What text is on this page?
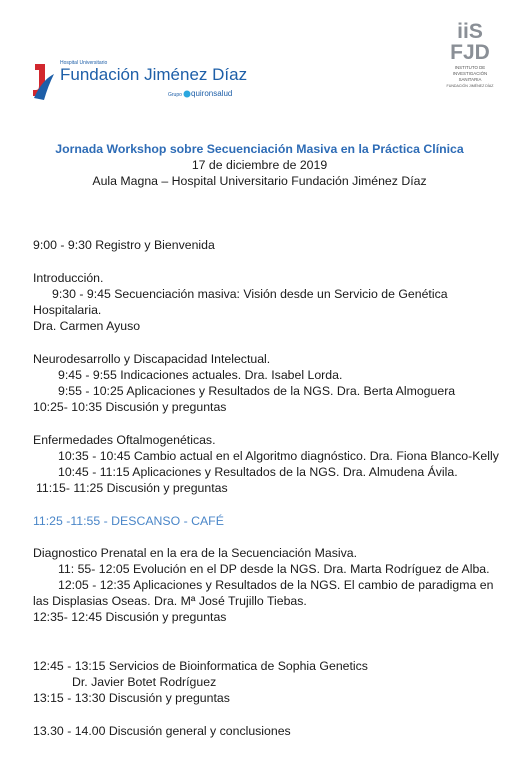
Hospital Universitario
Fundación Jiménez Díaz
Grupo quironsalud
iiS
FJD
INSTITUTO DE
INVESTIGACIÓN
SANITARIA
FUNDACIÓN JIMÉNEZ DÍAZ
Jornada Workshop sobre Secuenciación Masiva en la Práctica Clínica
17 de diciembre de 2019
Aula Magna – Hospital Universitario Fundación Jiménez Díaz
9:00 - 9:30 Registro y Bienvenida
Introducción.
9:30 - 9:45 Secuenciación masiva: Visión desde un Servicio de Genética
Hospitalaria.
Dra. Carmen Ayuso
Neurodesarrollo y Discapacidad Intelectual.
9:45 - 9:55 Indicaciones actuales. Dra. Isabel Lorda.
9:55 - 10:25 Aplicaciones y Resultados de la NGS. Dra. Berta Almoguera
10:25- 10:35 Discusión y preguntas
Enfermedades Oftalmogenéticas.
10:35 - 10:45 Cambio actual en el Algoritmo diagnóstico. Dra. Fiona Blanco-Kelly
10:45 - 11:15 Aplicaciones y Resultados de la NGS. Dra. Almudena Ávila.
11:15- 11:25 Discusión y preguntas
11:25 -11:55 - DESCANSO - CAFÉ
Diagnostico Prenatal en la era de la Secuenciación Masiva.
11: 55- 12:05 Evolución en el DP desde la NGS. Dra. Marta Rodríguez de Alba.
12:05 - 12:35 Aplicaciones y Resultados de la NGS. El cambio de paradigma en
las Displasias Oseas. Dra. Mª José Trujillo Tiebas.
12:35- 12:45 Discusión y preguntas
12:45 - 13:15 Servicios de Bioinformatica de Sophia Genetics
Dr. Javier Botet Rodríguez
13:15 - 13:30 Discusión y preguntas
13.30 - 14.00 Discusión general y conclusiones
